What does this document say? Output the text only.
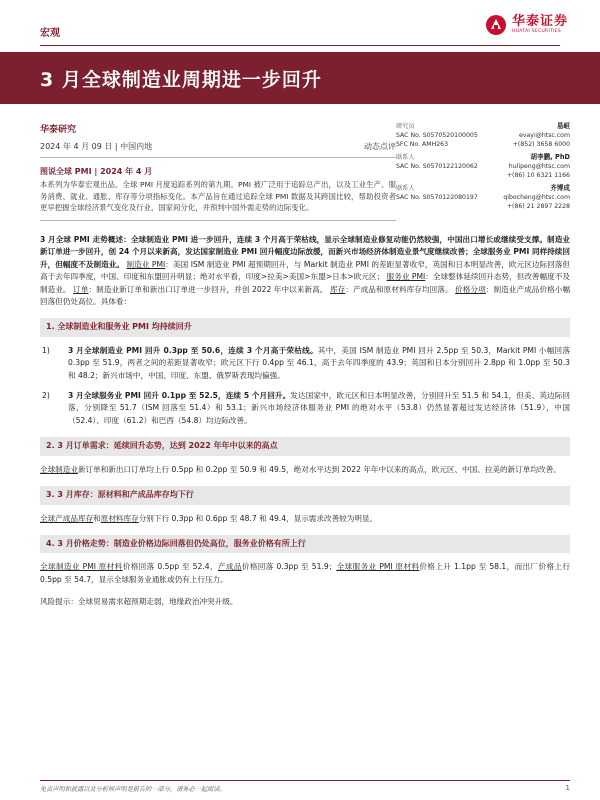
宏观
华泰证券
HUATAI SECURITIES
3 月全球制造业周期进一步回升
华泰研究
2024 年 4 月 09 日 | 中国内地	动态点评
图说全球 PMI | 2024 年 4 月
本系列为华泰宏观出品、全球 PMI 月度追踪系列的第九期。PMI 被广泛用于追踪总产出，以及工业生产、服务消费、就业、通胀、库存等分项指标变化。本产品旨在通过追踪全球 PMI 数据及其跨国比较，帮助投资者更早把握全球经济景气变化及行业、国家间分化，并预判中国外需走势的边际变化。
研究员	易峘
SAC No. S0570520100005	evayi@htsc.com
SFC No. AMH263	+(852) 3658 6000
联系人	胡李鹏, PhD
SAC No. S0570122120062	hulipeng@htsc.com
+(86) 10 6321 1166
联系人	齐博成
SAC No. S0570122080197	qibocheng@htsc.com
+(86) 21 2897 2228
3 月全球 PMI 走势概述：全球制造业 PMI 进一步回升，连续 3 个月高于荣枯线，显示全球制造业修复动能仍然较强，中国出口增长或继续受支撑。制造业新订单进一步回升，创 24 个月以来新高，发达国家制造业 PMI 回升幅度边际放缓，而新兴市场经济体制造业景气度继续改善；全球服务业 PMI 同样持续回升，但幅度不及制造业。 制造业 PMI：美国 ISM 制造业 PMI 超预期回升，与 Markit 制造业 PMI 的差距显著收窄，英国和日本明显改善，欧元区边际回落但高于去年四季度，中国、印度和东盟回升明显；绝对水平看，印度>拉美>美国>东盟>日本>欧元区； 服务业 PMI：全球整体延续回升态势，但改善幅度不及制造业。 订单：制造业新订单和新出口订单进一步回升，并创 2022 年中以来新高。 库存：产成品和原材料库存均回落。 价格分项：制造业产成品价格小幅回落但仍处高位。具体看：
1. 全球制造业和服务业 PMI 均持续回升
1)	3 月全球制造业 PMI 回升 0.3pp 至 50.6，连续 3 个月高于荣枯线。其中，美国 ISM 制造业 PMI 回升 2.5pp 至 50.3，Markit PMI 小幅回落 0.3pp 至 51.9，两者之间的差距显著收窄；欧元区下行 0.4pp 至 46.1，高于去年四季度的 43.9；英国和日本分别回升 2.8pp 和 1.0pp 至 50.3 和 48.2；新兴市场中，中国、印度、东盟、俄罗斯表现均偏强。
2)	3 月全球服务业 PMI 回升 0.1pp 至 52.5，连续 5 个月回升。发达国家中，欧元区和日本明显改善，分别回升至 51.5 和 54.1，但美、英边际回落，分别降至 51.7（ISM 回落至 51.4）和 53.1；新兴市场经济体服务业 PMI 的绝对水平（53.8）仍然显著超过发达经济体（51.9），中国（52.4）、印度（61.2）和巴西（54.8）均边际改善。
2. 3 月订单需求：延续回升态势，达到 2022 年年中以来的高点
全球制造业新订单和新出口订单均上行 0.5pp 和 0.2pp 至 50.9 和 49.5，绝对水平达到 2022 年年中以来的高点，欧元区、中国、拉美的新订单均改善。
3. 3 月库存：原材料和产成品库存均下行
全球产成品库存和原材料库存分别下行 0.3pp 和 0.6pp 至 48.7 和 49.4，显示需求改善较为明显。
4. 3 月价格走势：制造业价格边际回落但仍处高位，服务业价格有所上行
全球制造业 PMI 原材料价格回落 0.5pp 至 52.4，产成品价格回落 0.3pp 至 51.9；全球服务业 PMI 原材料价格上升 1.1pp 至 58.1，而出厂价格上行 0.5pp 至 54.7，显示全球服务业通胀或仍有上行压力。
风险提示：全球贸易需求超预期走弱，地缘政治冲突升级。
免责声明和披露以及分析师声明是报告的一部分，请务必一起阅读。	1
